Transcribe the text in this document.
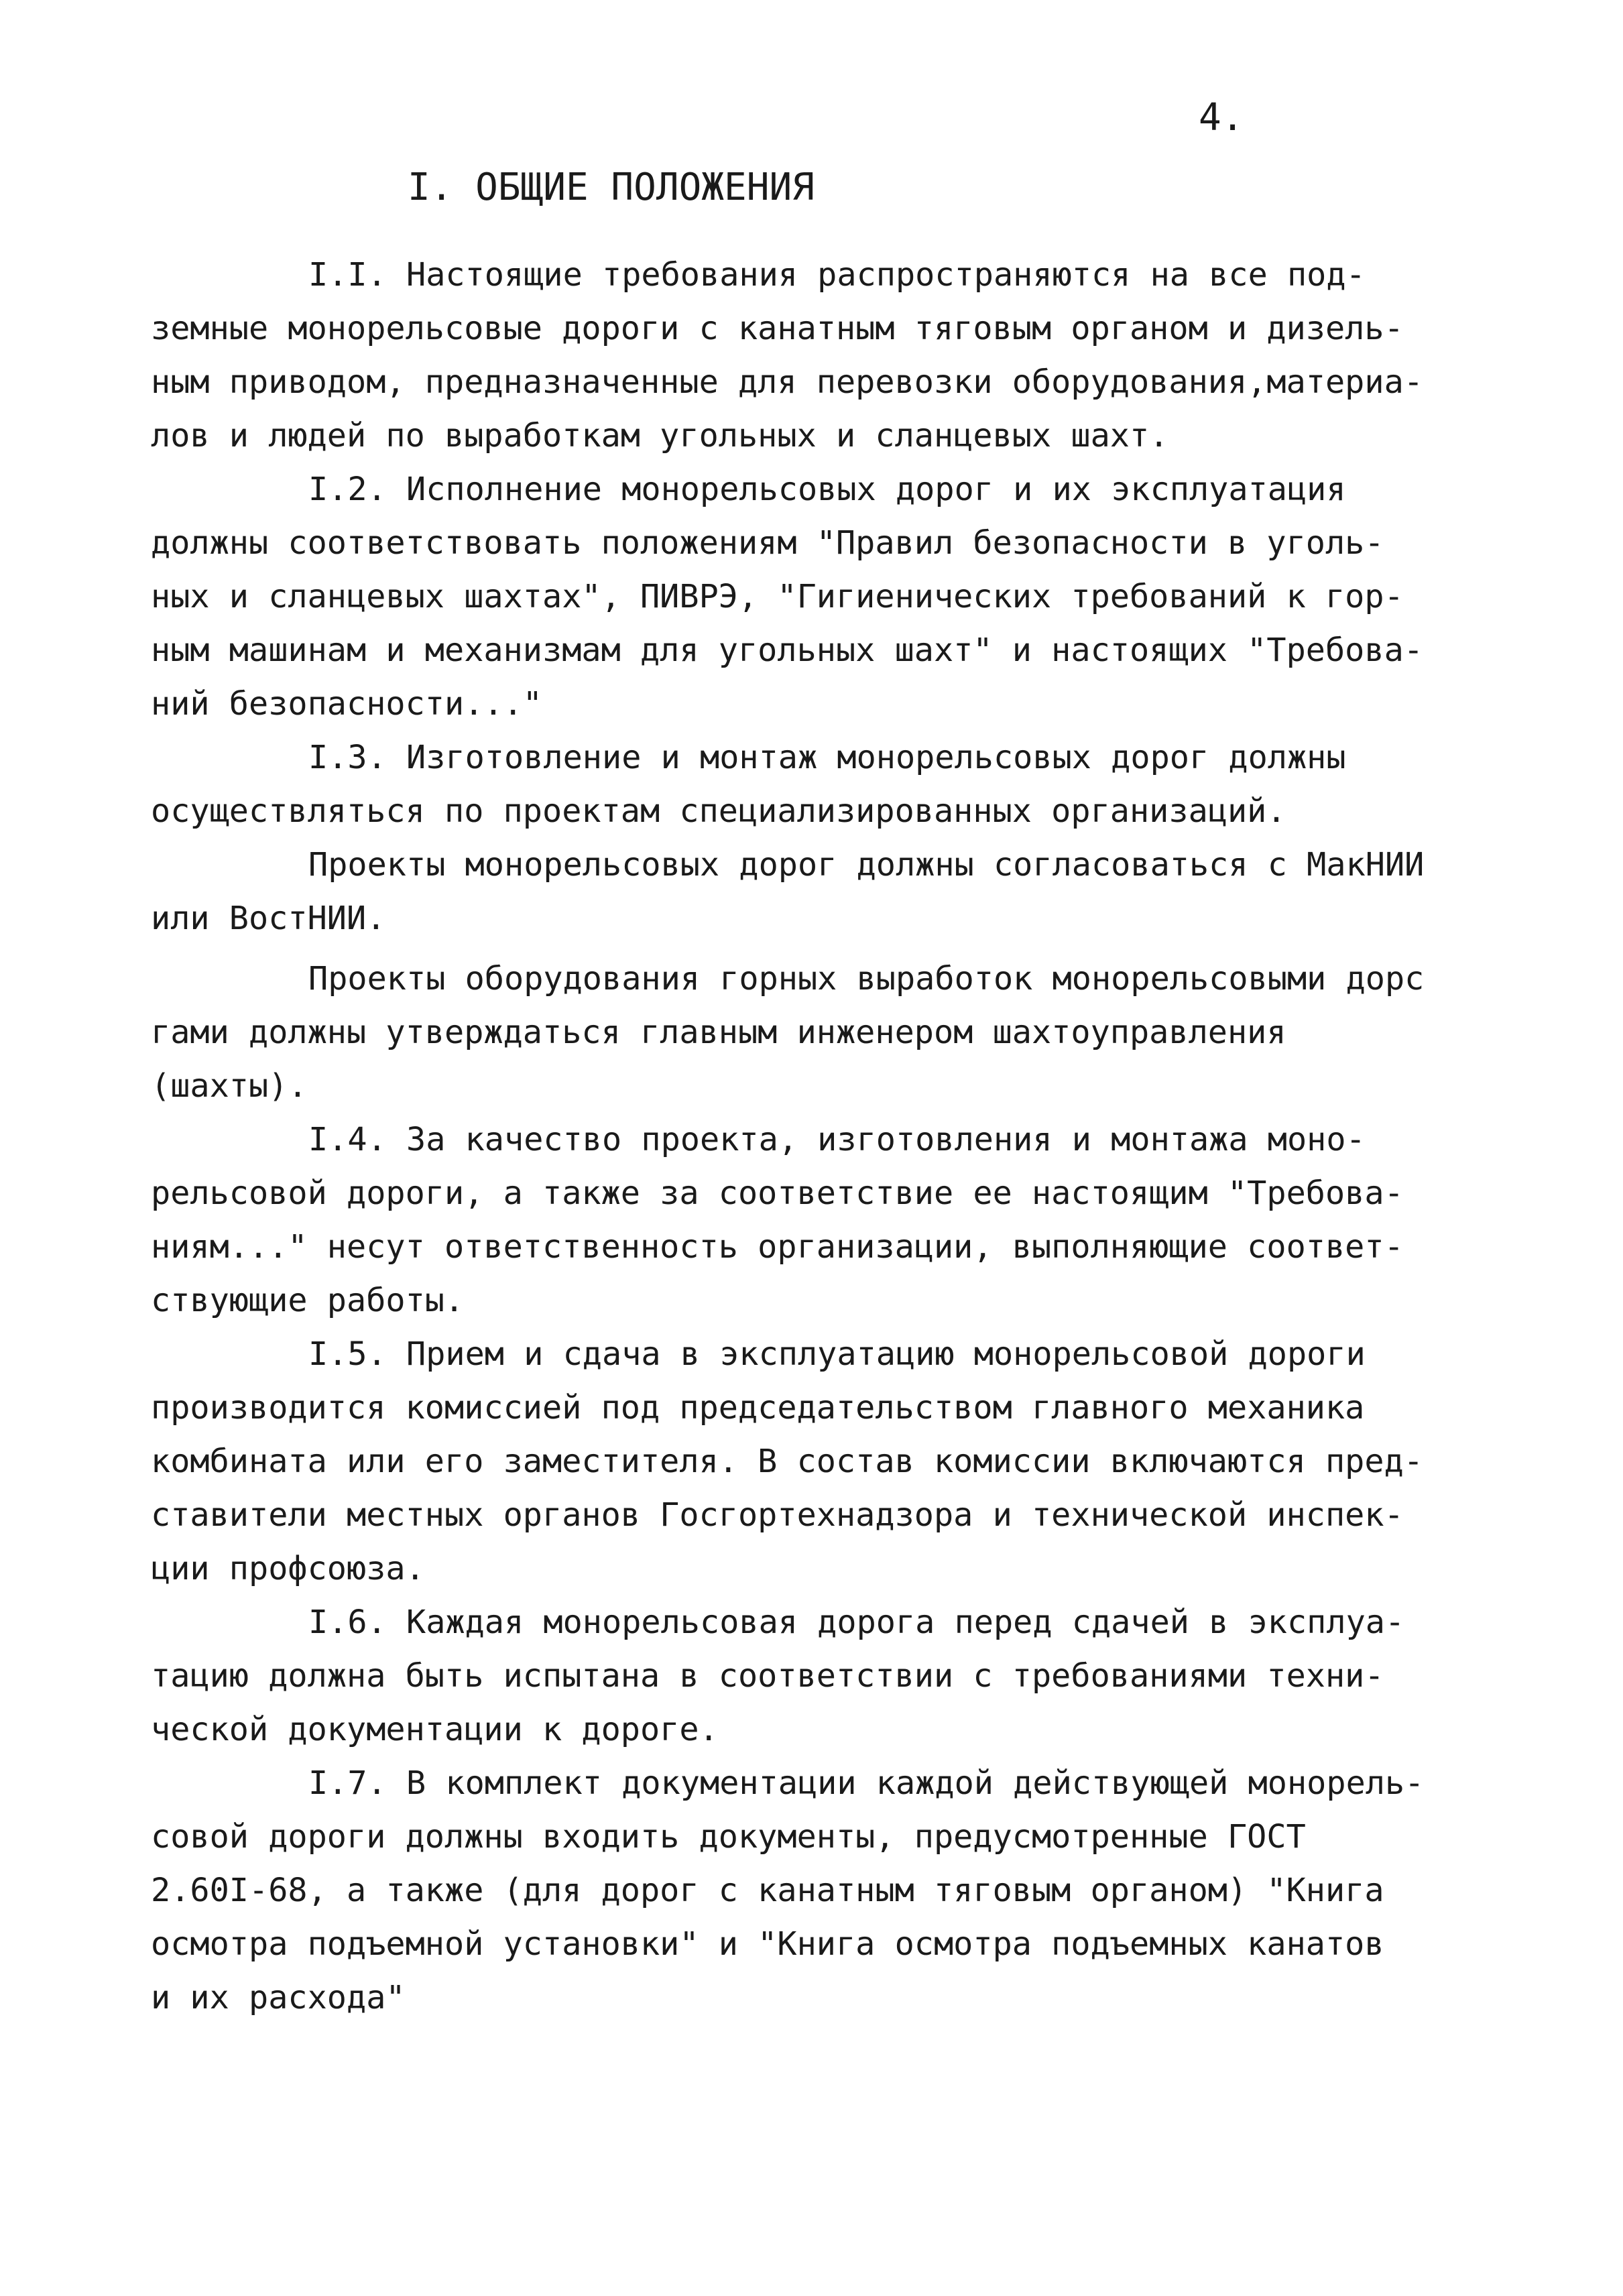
4.
I. ОБЩИЕ ПОЛОЖЕНИЯ
I.I. Настоящие требования распространяются на все под-
земные монорельсовые дороги с канатным тяговым органом и дизель-
ным приводом, предназначенные для перевозки оборудования,материа-
лов и людей по выработкам угольных и сланцевых шахт.
I.2. Исполнение монорельсовых дорог и их эксплуатация
должны соответствовать положениям "Правил безопасности в уголь-
ных и сланцевых шахтах", ПИВРЭ, "Гигиенических требований к гор-
ным машинам и механизмам для угольных шахт" и настоящих "Требова-
ний безопасности..."
I.3. Изготовление и монтаж монорельсовых дорог должны
осуществляться по проектам специализированных организаций.
Проекты монорельсовых дорог должны согласоваться с МакНИИ
или ВостНИИ.
Проекты оборудования горных выработок монорельсовыми дорс
гами должны утверждаться главным инженером шахтоуправления
(шахты).
I.4. За качество проекта, изготовления и монтажа моно-
рельсовой дороги, а также за соответствие ее настоящим "Требова-
ниям..." несут ответственность организации, выполняющие соответ-
ствующие работы.
I.5. Прием и сдача в эксплуатацию монорельсовой дороги
производится комиссией под председательством главного механика
комбината или его заместителя. В состав комиссии включаются пред-
ставители местных органов Госгортехнадзора и технической инспек-
ции профсоюза.
I.6. Каждая монорельсовая дорога перед сдачей в эксплуа-
тацию должна быть испытана в соответствии с требованиями техни-
ческой документации к дороге.
I.7. В комплект документации каждой действующей монорель-
совой дороги должны входить документы, предусмотренные ГОСТ
2.60I-68, а также (для дорог с канатным тяговым органом) "Книга
осмотра подъемной установки" и "Книга осмотра подъемных канатов
и их расхода"
